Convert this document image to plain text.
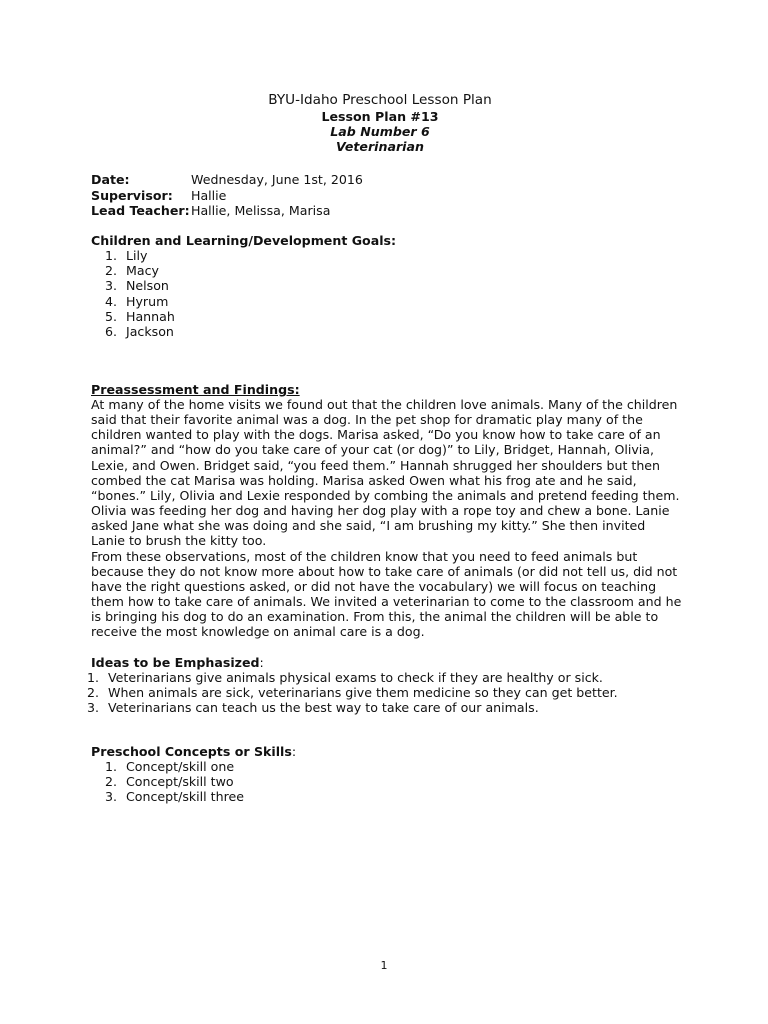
BYU-Idaho Preschool Lesson Plan
Lesson Plan #13
Lab Number 6
Veterinarian
Date:	Wednesday, June 1st, 2016
Supervisor:	Hallie
Lead Teacher: Hallie, Melissa, Marisa
Children and Learning/Development Goals:
1. Lily
2. Macy
3. Nelson
4. Hyrum
5. Hannah
6. Jackson
Preassessment and Findings:

At many of the home visits we found out that the children love animals. Many of the children said that their favorite animal was a dog. In the pet shop for dramatic play many of the children wanted to play with the dogs. Marisa asked, “Do you know how to take care of an animal?” and “how do you take care of your cat (or dog)” to Lily, Bridget, Hannah, Olivia, Lexie, and Owen. Bridget said, “you feed them.” Hannah shrugged her shoulders but then combed the cat Marisa was holding. Marisa asked Owen what his frog ate and he said, “bones.” Lily, Olivia and Lexie responded by combing the animals and pretend feeding them. Olivia was feeding her dog and having her dog play with a rope toy and chew a bone. Lanie asked Jane what she was doing and she said, “I am brushing my kitty.” She then invited Lanie to brush the kitty too.

From these observations, most of the children know that you need to feed animals but because they do not know more about how to take care of animals (or did not tell us, did not have the right questions asked, or did not have the vocabulary) we will focus on teaching them how to take care of animals. We invited a veterinarian to come to the classroom and he is bringing his dog to do an examination. From this, the animal the children will be able to receive the most knowledge on animal care is a dog.

Ideas to be Emphasized:
1. Veterinarians give animals physical exams to check if they are healthy or sick.
2. When animals are sick, veterinarians give them medicine so they can get better.
3. Veterinarians can teach us the best way to take care of our animals.
Preschool Concepts or Skills:
1. Concept/skill one
2. Concept/skill two
3. Concept/skill three
1
